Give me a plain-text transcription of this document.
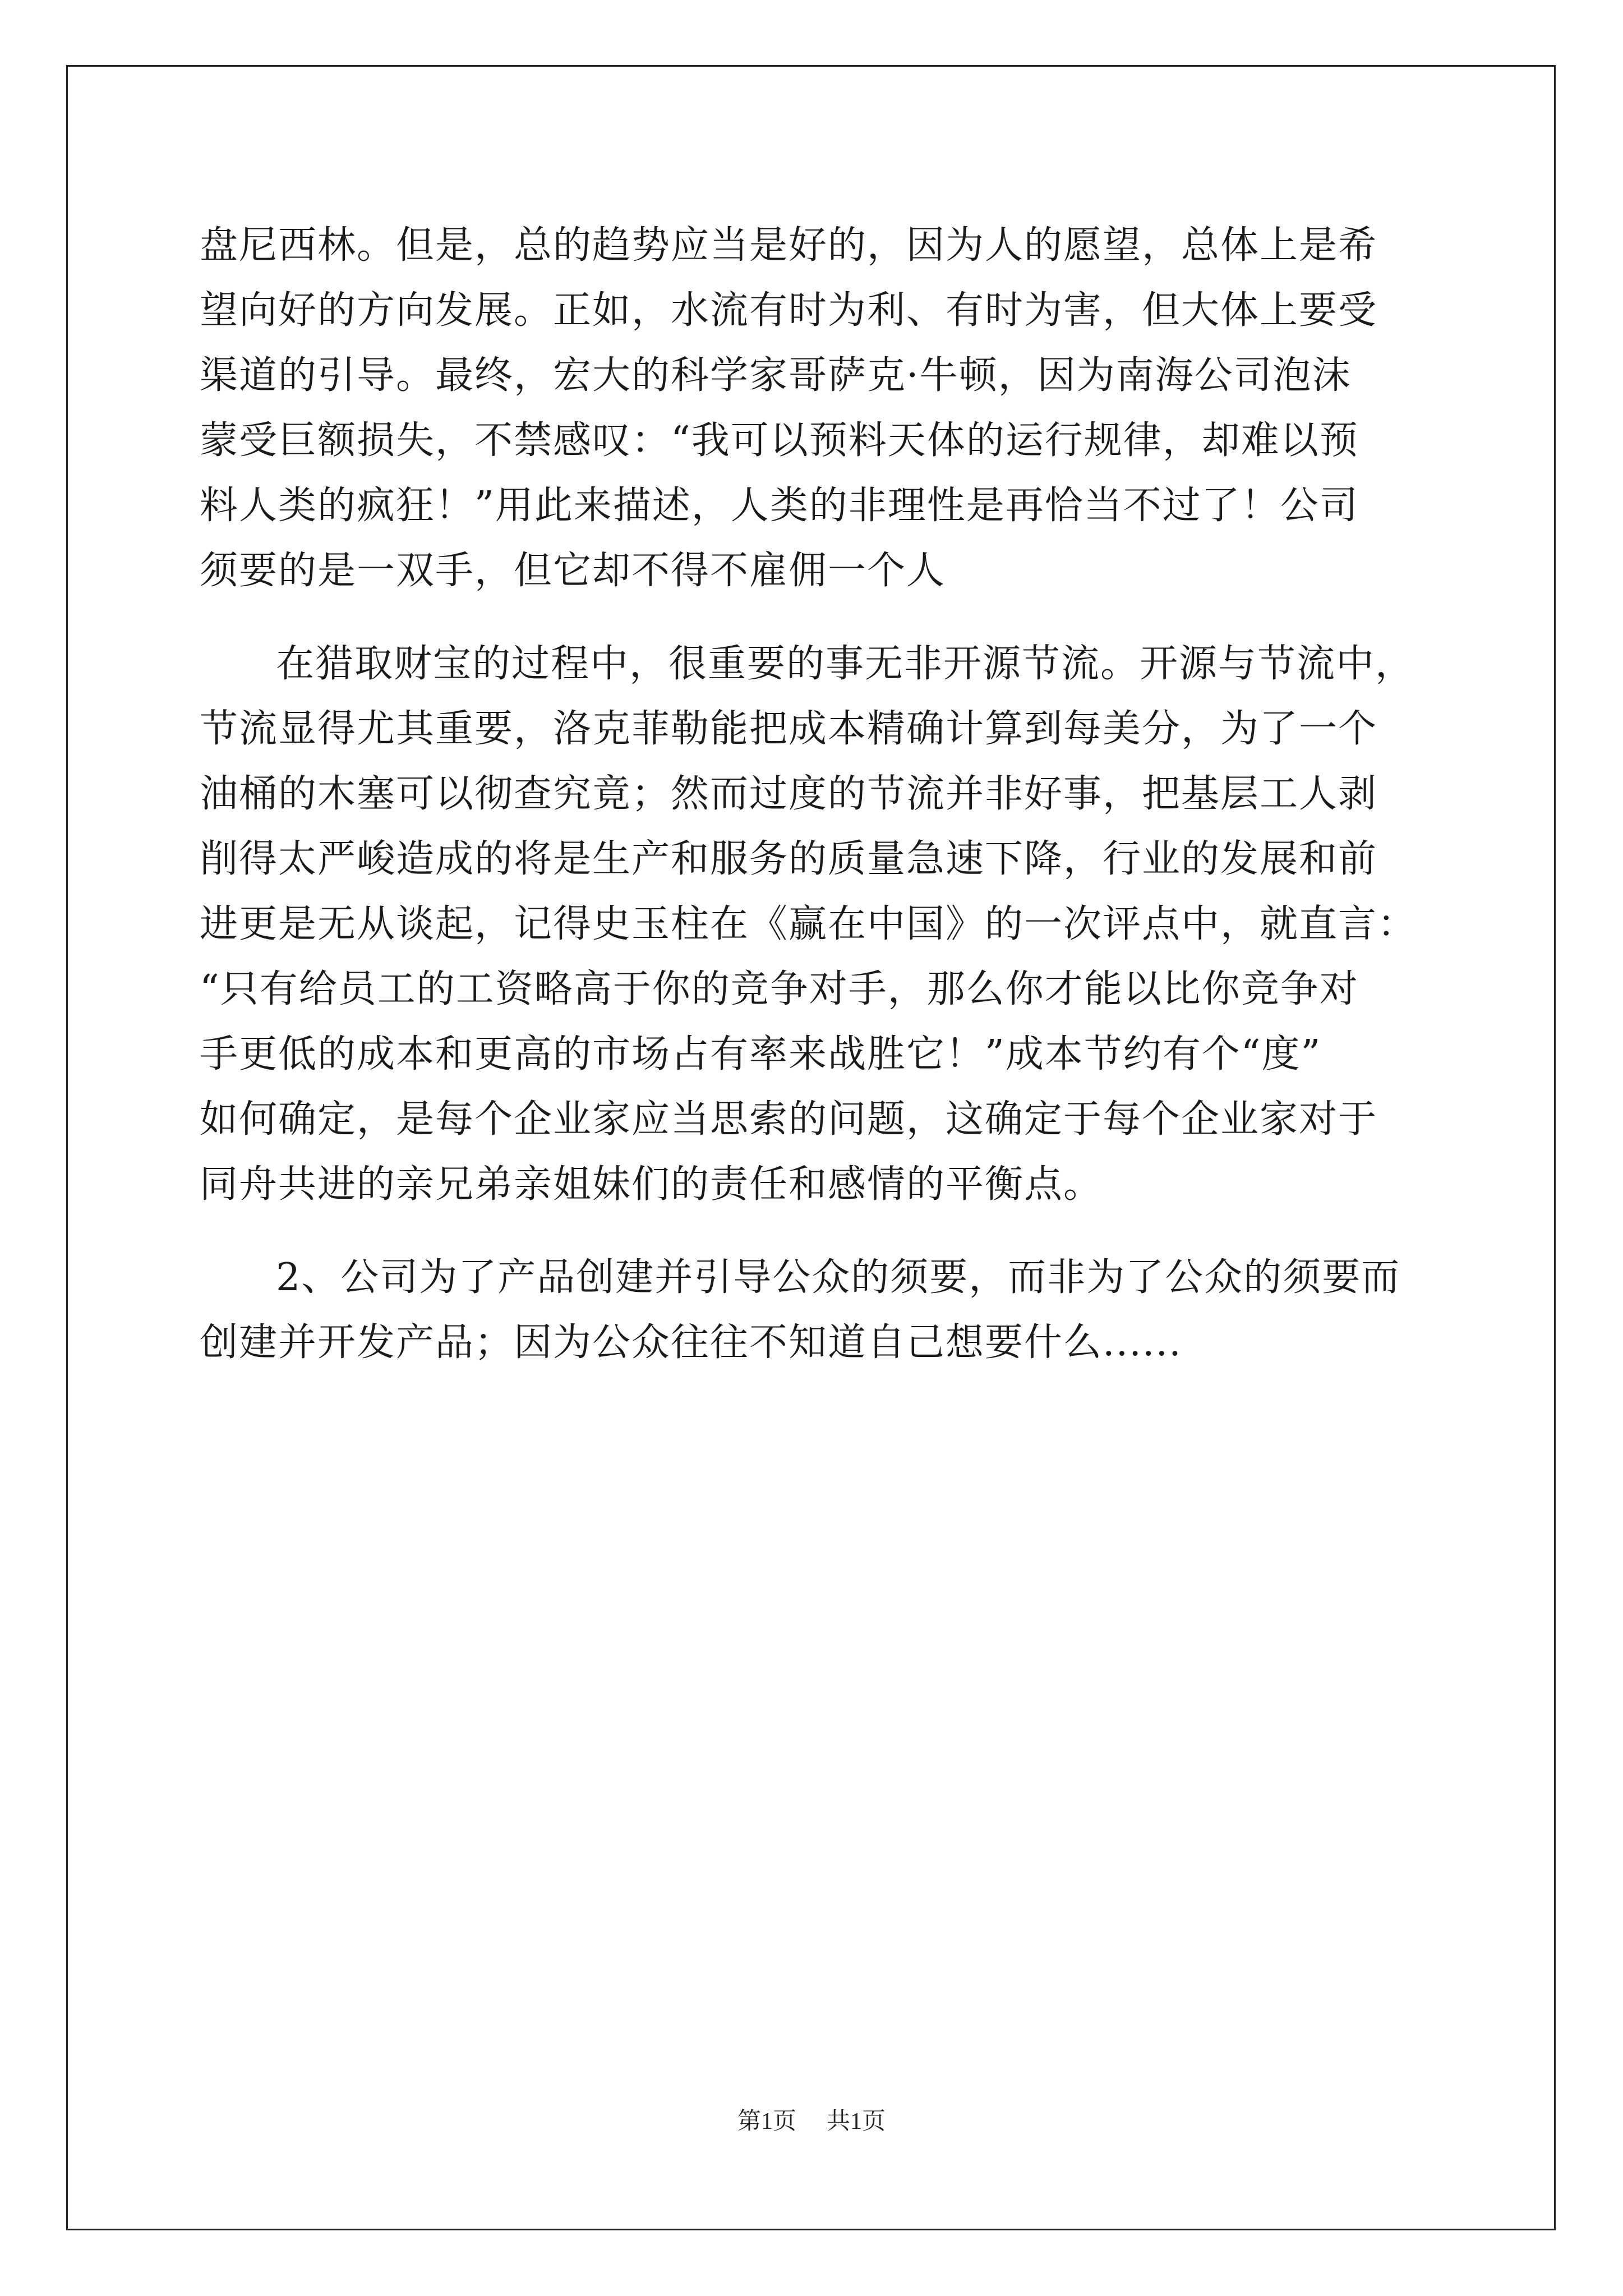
盘尼西林。但是，总的趋势应当是好的，因为人的愿望，总体上是希
望向好的方向发展。正如，水流有时为利、有时为害，但大体上要受
渠道的引导。最终，宏大的科学家哥萨克·牛顿，因为南海公司泡沫
蒙受巨额损失，不禁感叹：“我可以预料天体的运行规律，却难以预
料人类的疯狂！”用此来描述，人类的非理性是再恰当不过了！公司
须要的是一双手，但它却不得不雇佣一个人
在猎取财宝的过程中，很重要的事无非开源节流。开源与节流中，
节流显得尤其重要，洛克菲勒能把成本精确计算到每美分，为了一个
油桶的木塞可以彻查究竟；然而过度的节流并非好事，把基层工人剥
削得太严峻造成的将是生产和服务的质量急速下降，行业的发展和前
进更是无从谈起，记得史玉柱在《赢在中国》的一次评点中，就直言：
“只有给员工的工资略高于你的竞争对手，那么你才能以比你竞争对
手更低的成本和更高的市场占有率来战胜它！”成本节约有个“度”
如何确定，是每个企业家应当思索的问题，这确定于每个企业家对于
同舟共进的亲兄弟亲姐妹们的责任和感情的平衡点。
2、公司为了产品创建并引导公众的须要，而非为了公众的须要而
创建并开发产品；因为公众往往不知道自己想要什么......
第1页 共1页
